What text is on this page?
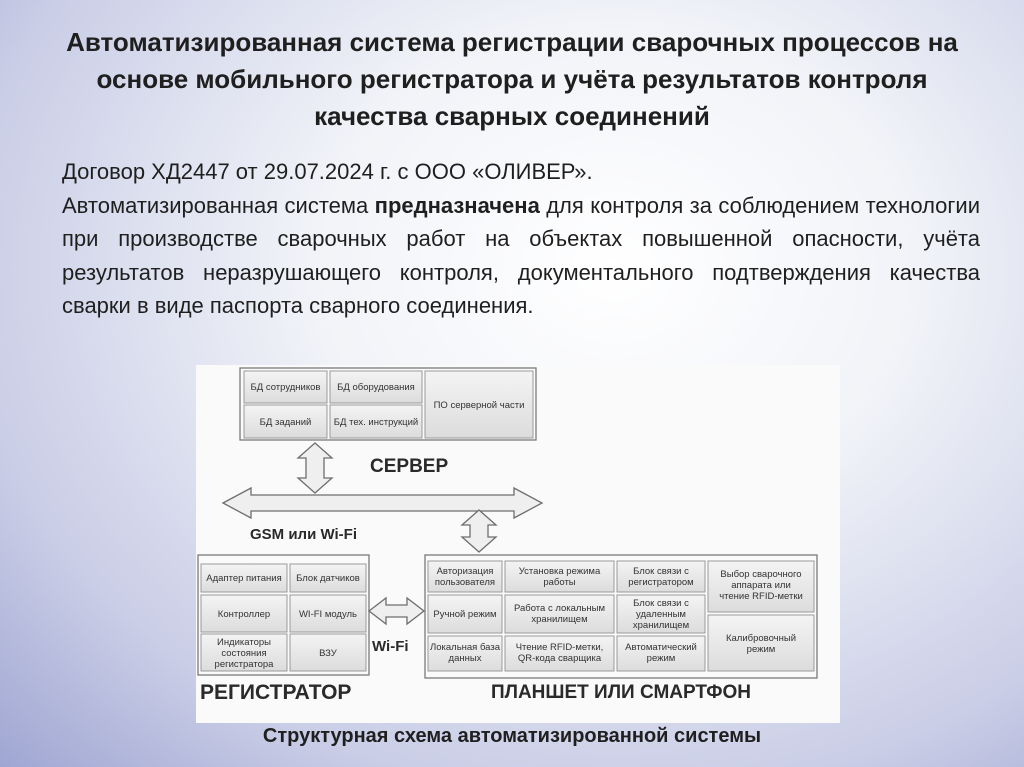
Автоматизированная система регистрации сварочных процессов на основе мобильного регистратора и учёта результатов контроля качества сварных соединений
Договор ХД2447 от 29.07.2024 г. с ООО «ОЛИВЕР».
Автоматизированная система предназначена для контроля за соблюдением технологии при производстве сварочных работ на объектах повышенной опасности, учёта результатов неразрушающего контроля, документального подтверждения качества сварки в виде паспорта сварного соединения.
БД сотрудников БД оборудования
БД заданий БД тех. инструкций
ПО серверной части
Адаптер питания Блок датчиков
Контроллер	WI-FI модуль
Индикаторы
состояния
регистратора
ВЗУ
Авторизация
пользователя
Установка режима
работы
Блок связи с
регистратором
Выбор сварочного
аппарата или
чтение RFID-метки
Ручной режим
Работа с локальным
хранилищем
Блок связи с
удаленным
хранилищем
Локальная база
данных
Чтение RFID-метки,
QR-кода сварщика
Автоматический
режим
Калибровочный
режим
СЕРВЕР
GSM или Wi-Fi
Wi-Fi
РЕГИСТРАТОР	ПЛАНШЕТ ИЛИ СМАРТФОН
Структурная схема автоматизированной системы
